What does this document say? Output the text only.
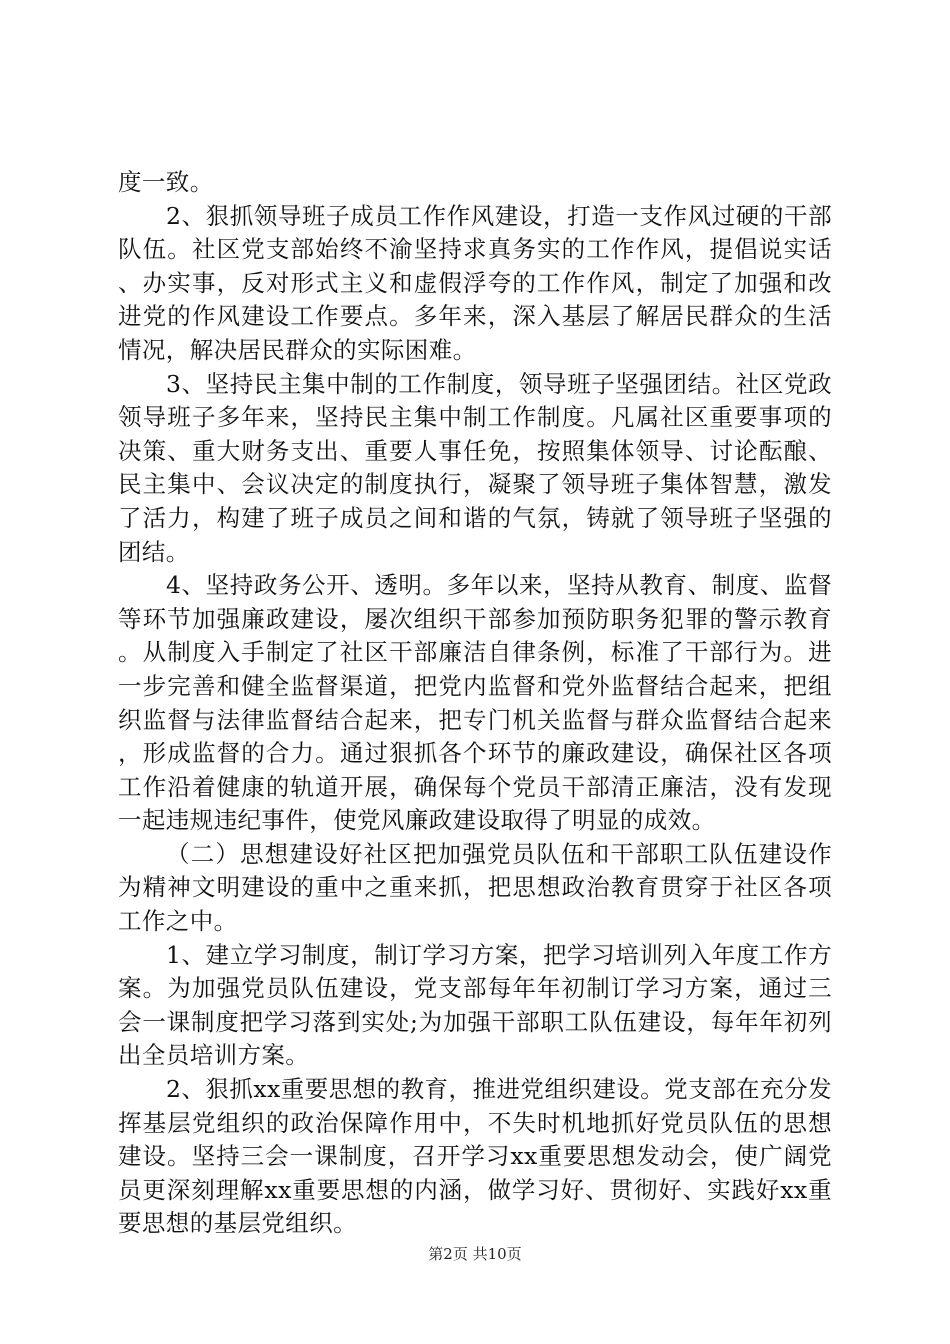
度一致。

2、狠抓领导班子成员工作作风建设，打造一支作风过硬的干部队伍。社区党支部始终不渝坚持求真务实的工作作风，提倡说实话、办实事，反对形式主义和虚假浮夸的工作作风，制定了加强和改进党的作风建设工作要点。多年来，深入基层了解居民群众的生活情况，解决居民群众的实际困难。

3、坚持民主集中制的工作制度，领导班子坚强团结。社区党政领导班子多年来，坚持民主集中制工作制度。凡属社区重要事项的决策、重大财务支出、重要人事任免，按照集体领导、讨论酝酿、民主集中、会议决定的制度执行，凝聚了领导班子集体智慧，激发了活力，构建了班子成员之间和谐的气氛，铸就了领导班子坚强的团结。

4、坚持政务公开、透明。多年以来，坚持从教育、制度、监督等环节加强廉政建设，屡次组织干部参加预防职务犯罪的警示教育。从制度入手制定了社区干部廉洁自律条例，标准了干部行为。进一步完善和健全监督渠道，把党内监督和党外监督结合起来，把组织监督与法律监督结合起来，把专门机关监督与群众监督结合起来，形成监督的合力。通过狠抓各个环节的廉政建设，确保社区各项工作沿着健康的轨道开展，确保每个党员干部清正廉洁，没有发现一起违规违纪事件，使党风廉政建设取得了明显的成效。

（二）思想建设好社区把加强党员队伍和干部职工队伍建设作为精神文明建设的重中之重来抓，把思想政治教育贯穿于社区各项工作之中。

1、建立学习制度，制订学习方案，把学习培训列入年度工作方案。为加强党员队伍建设，党支部每年年初制订学习方案，通过三会一课制度把学习落到实处;为加强干部职工队伍建设，每年年初列出全员培训方案。

2、狠抓xx重要思想的教育，推进党组织建设。党支部在充分发挥基层党组织的政治保障作用中，不失时机地抓好党员队伍的思想建设。坚持三会一课制度，召开学习xx重要思想发动会，使广阔党员更深刻理解xx重要思想的内涵，做学习好、贯彻好、实践好xx重要思想的基层党组织。

第2页 共10页
